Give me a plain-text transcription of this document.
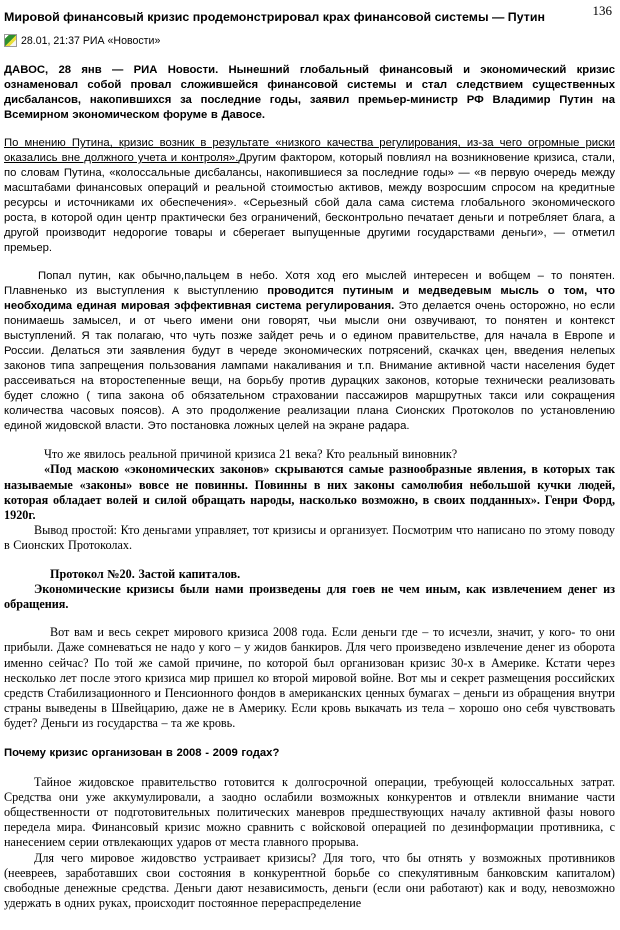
136
Мировой финансовый кризис продемонстрировал крах финансовой системы — Путин
28.01, 21:37 РИА «Новости»

ДАВОС, 28 янв — РИА Новости. Нынешний глобальный финансовый и экономический кризис ознаменовал собой провал сложившейся финансовой системы и стал следствием существенных дисбалансов, накопившихся за последние годы, заявил премьер-министр РФ Владимир Путин на Всемирном экономическом форуме в Давосе.

По мнению Путина, кризис возник в результате «низкого качества регулирования, из-за чего огромные риски оказались вне должного учета и контроля».Другим фактором, который повлиял на возникновение кризиса, стали, по словам Путина, «колоссальные дисбалансы, накопившиеся за последние годы» — «в первую очередь между масштабами финансовых операций и реальной стоимостью активов, между возросшим спросом на кредитные ресурсы и источниками их обеспечения». «Серьезный сбой дала сама система глобального экономического роста, в которой один центр практически без ограничений, бесконтрольно печатает деньги и потребляет блага, а другой производит недорогие товары и сберегает выпущенные другими государствами деньги», — отметил премьер.

Попал путин, как обычно,пальцем в небо. Хотя ход его мыслей интересен и вобщем – то понятен. Плавненько из выступления к выступлению проводится путиным и медведевым мысль о том, что необходима единая мировая эффективная система регулирования. Это делается очень осторожно, но если понимаешь замысел, и от чьего имени они говорят, чьи мысли они озвучивают, то понятен и контекст выступлений. Я так полагаю, что чуть позже зайдет речь и о едином правительстве, для начала в Европе и России. Делаться эти заявления будут в череде экономических потрясений, скачках цен, введения нелепых законов типа запрещения пользования лампами накаливания и т.п. Внимание активной части населения будет рассеиваться на второстепенные вещи, на борьбу против дурацких законов, которые технически реализовать будет сложно ( типа закона об обязательном страховании пассажиров маршрутных такси или сокращения количества часовых поясов). А это продолжение реализации плана Сионских Протоколов по установлению единой жидовской власти. Это постановка ложных целей на экране радара.

Что же явилось реальной причиной кризиса 21 века? Кто реальный виновник?

«Под маскою «экономических законов» скрываются самые разнообразные явления, в которых так называемые «законы» вовсе не повинны. Повинны в них законы самолюбия небольшой кучки людей, которая обладает волей и силой обращать народы, насколько возможно, в своих подданных». Генри Форд, 1920г.

Вывод простой: Кто деньгами управляет, тот кризисы и организует. Посмотрим что написано по этому поводу в Сионских Протоколах.

Протокол №20. Застой капиталов.

Экономические кризисы были нами произведены для гоев не чем иным, как извлечением денег из обращения.

Вот вам и весь секрет мирового кризиса 2008 года. Если деньги где – то исчезли, значит, у кого- то они прибыли. Даже сомневаться не надо у кого – у жидов банкиров. Для чего произведено извлечение денег из оборота именно сейчас? По той же самой причине, по которой был организован кризис 30-х в Америке. Кстати через несколько лет после этого кризиса мир пришел ко второй мировой войне. Вот мы и секрет размещения российских средств Стабилизационного и Пенсионного фондов в американских ценных бумагах – деньги из обращения внутри страны выведены в Швейцарию, даже не в Америку. Если кровь выкачать из тела – хорошо оно себя чувствовать будет? Деньги из государства – та же кровь.

Почему кризис организован в 2008 - 2009 годах?

Тайное жидовское правительство готовится к долгосрочной операции, требующей колоссальных затрат. Средства они уже аккумулировали, а заодно ослабили возможных конкурентов и отвлекли внимание части общественности от подготовительных политических маневров предшествующих началу активной фазы нового передела мира. Финансовый кризис можно сравнить с войсковой операцией по дезинформации противника, с нанесением серии отвлекающих ударов от места главного прорыва.

Для чего мировое жидовство устраивает кризисы? Для того, что бы отнять у возможных противников (неевреев, заработавших свои состояния в конкурентной борьбе со спекулятивным банковским капиталом) свободные денежные средства. Деньги дают независимость, деньги (если они работают) как и воду, невозможно удержать в одних руках, происходит постоянное перераспределение
